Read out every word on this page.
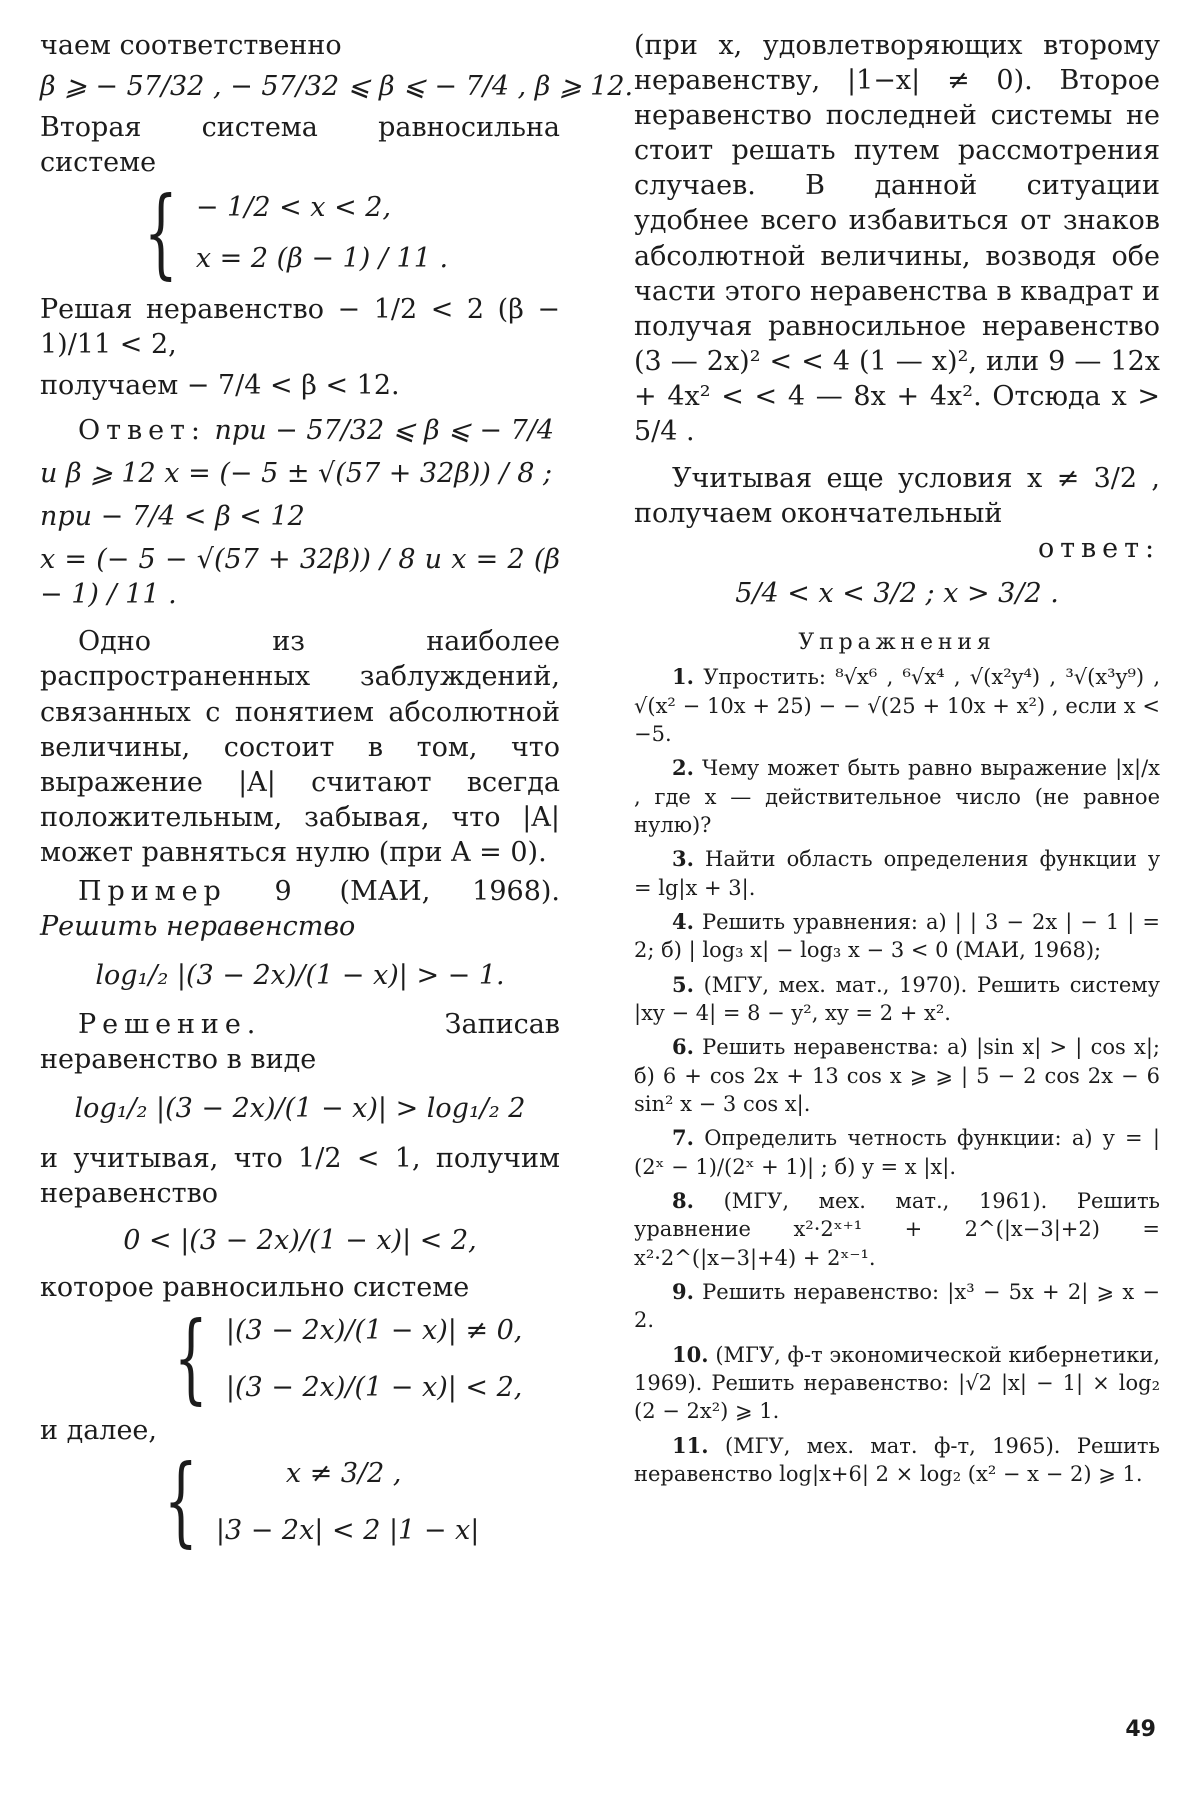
чаем соответственно

β ⩾ − 57/32 , − 57/32 ⩽ β ⩽ − 7/4 , β ⩾ 12.

Вторая система равносильна системе

{ − 1/2 < x < 2,
x = 2 (β − 1) / 11 .

Решая неравенство − 1/2 < 2 (β − 1)/11 < 2,

получаем − 7/4 < β < 12.

Ответ: при − 57/32 ⩽ β ⩽ − 7/4

и β ⩾ 12 x = (− 5 ± √(57 + 32β)) / 8 ;

при − 7/4 < β < 12

x = (− 5 − √(57 + 32β)) / 8 и x = 2 (β − 1) / 11 .

Одно из наиболее распространенных заблуждений, связанных с понятием абсолютной величины, состоит в том, что выражение |A| считают всегда положительным, забывая, что |A| может равняться нулю (при A = 0).

Пример 9 (МАИ, 1968). Решить неравенство

log₁/₂ |(3 − 2x)/(1 − x)| > − 1.

Решение.	Записав неравенство в виде

log₁/₂ |(3 − 2x)/(1 − x)| > log₁/₂ 2

и учитывая, что 1/2 < 1, получим неравенство

0 < |(3 − 2x)/(1 − x)| < 2,

которое равносильно системе

{ |(3 − 2x)/(1 − x)| ≠ 0,
|(3 − 2x)/(1 − x)| < 2,

и далее,

{	x ≠ 3/2 ,
|3 − 2x| < 2 |1 − x|

(при x, удовлетворяющих второму неравенству, |1−x| ≠ 0). Второе неравенство последней системы не стоит решать путем рассмотрения случаев. В данной ситуации удобнее всего избавиться от знаков абсолютной величины, возводя обе части этого неравенства в квадрат и получая равносильное неравенство (3 — 2x)² < < 4 (1 — x)², или 9 — 12x + 4x² < < 4 — 8x + 4x². Отсюда x > 5/4 .

Учитывая еще условия x ≠ 3/2 , получаем окончательный

ответ:

5/4 < x < 3/2 ; x > 3/2 .

Упражнения

1. Упростить: ⁸√x⁶ , ⁶√x⁴ , √(x²y⁴) , ³√(x³y⁹) , √(x² − 10x + 25) − − √(25 + 10x + x²) , если x < −5.

2. Чему может быть равно выражение |x|/x , где x — действительное число (не равное нулю)?

3. Найти область определения функции y = lg|x + 3|.

4. Решить уравнения: а) | | 3 − 2x | − 1 | = 2; б) | log₃ x| − log₃ x − 3 < 0 (МАИ, 1968);

5. (МГУ, мех. мат., 1970). Решить систему |xy − 4| = 8 − y², xy = 2 + x².

6. Решить неравенства: а) |sin x| > | cos x|; б) 6 + cos 2x + 13 cos x ⩾ ⩾ | 5 − 2 cos 2x − 6 sin² x − 3 cos x|.

7. Определить четность функции: а) y = |(2ˣ − 1)/(2ˣ + 1)| ; б) y = x |x|.

8. (МГУ, мех. мат., 1961). Решить уравнение x²·2ˣ⁺¹ + 2^(|x−3|+2) = x²·2^(|x−3|+4) + 2ˣ⁻¹.

9. Решить неравенство: |x³ − 5x + 2| ⩾ x − 2.

10. (МГУ, ф-т экономической кибернетики, 1969). Решить неравенство: |√2 |x| − 1| × log₂ (2 − 2x²) ⩾ 1.

11. (МГУ, мех. мат. ф-т, 1965). Решить неравенство log|x+6| 2 × log₂ (x² − x − 2) ⩾ 1.

49
